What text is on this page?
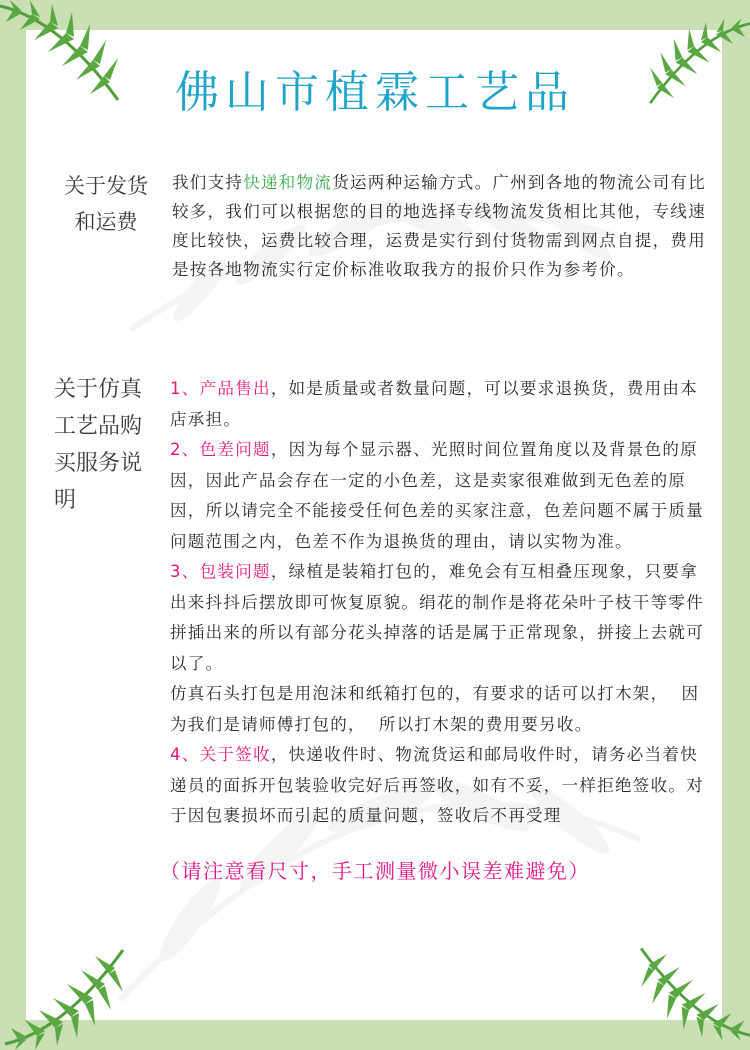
佛山市植霖工艺品
关于发货
和运费
我们支持快递和物流货运两种运输方式。广州到各地的物流公司有比较多，我们可以根据您的目的地选择专线物流发货相比其他，专线速度比较快，运费比较合理，运费是实行到付货物需到网点自提，费用是按各地物流实行定价标准收取我方的报价只作为参考价。
关于仿真
工艺品购
买服务说
明

1、产品售出，如是质量或者数量问题，可以要求退换货，费用由本店承担。

2、色差问题，因为每个显示器、光照时间位置角度以及背景色的原因，因此产品会存在一定的小色差，这是卖家很难做到无色差的原因，所以请完全不能接受任何色差的买家注意，色差问题不属于质量问题范围之内，色差不作为退换货的理由，请以实物为准。

3、包装问题，绿植是装箱打包的，难免会有互相叠压现象，只要拿出来抖抖后摆放即可恢复原貌。绢花的制作是将花朵叶子枝干等零件拼插出来的所以有部分花头掉落的话是属于正常现象，拼接上去就可以了。

仿真石头打包是用泡沫和纸箱打包的，有要求的话可以打木架，  因为我们是请师傅打包的，  所以打木架的费用要另收。

4、关于签收，快递收件时、物流货运和邮局收件时，请务必当着快递员的面拆开包装验收完好后再签收，如有不妥，一样拒绝签收。对于因包裹损坏而引起的质量问题，签收后不再受理

（请注意看尺寸，手工测量微小误差难避免）
